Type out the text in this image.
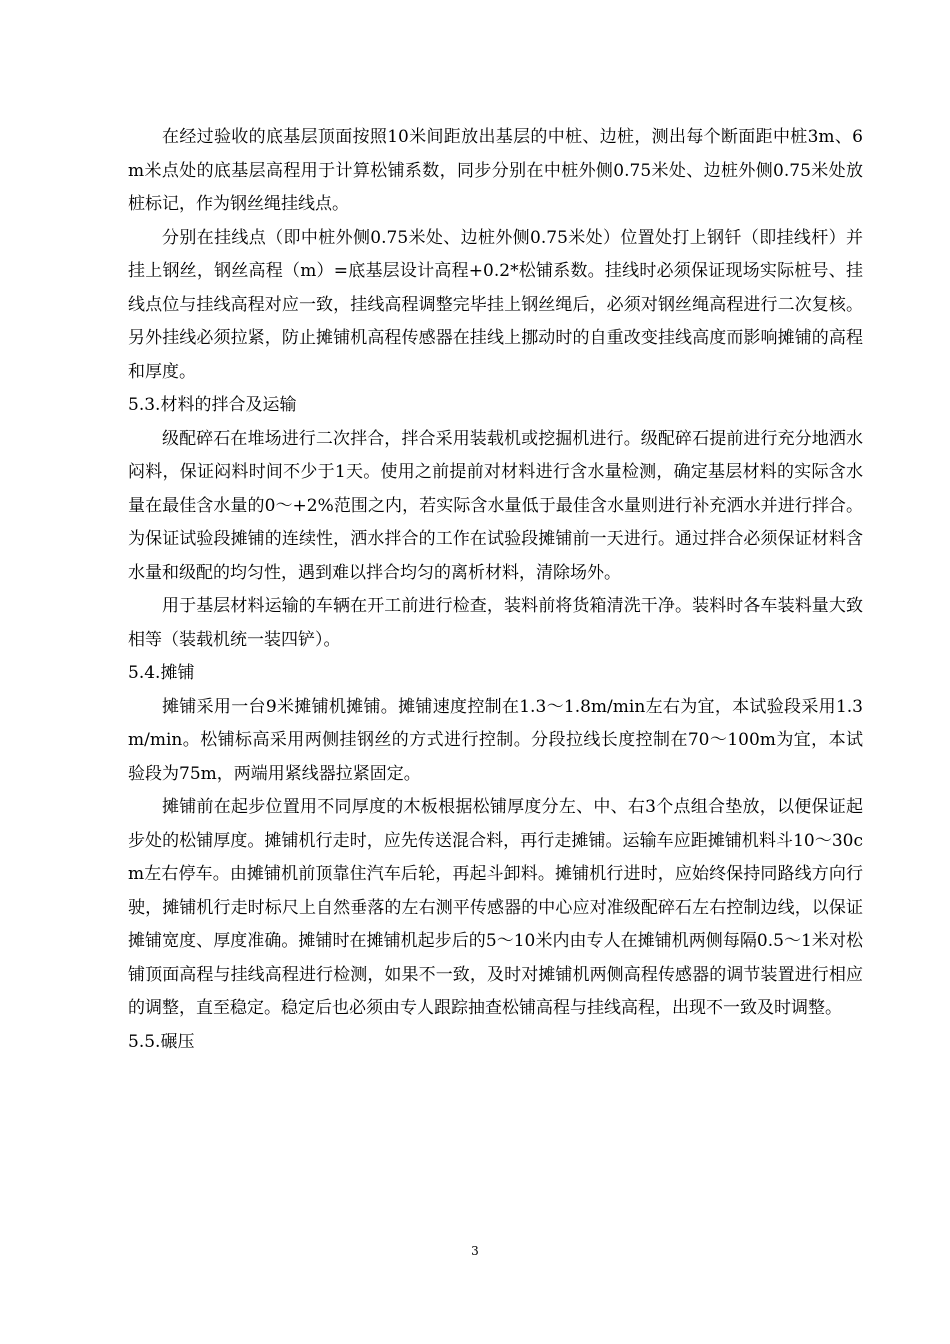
在经过验收的底基层顶面按照10米间距放出基层的中桩、边桩，测出每个断面距中桩3m、6m米点处的底基层高程用于计算松铺系数，同步分别在中桩外侧0.75米处、边桩外侧0.75米处放桩标记，作为钢丝绳挂线点。

分别在挂线点（即中桩外侧0.75米处、边桩外侧0.75米处）位置处打上钢钎（即挂线杆）并挂上钢丝，钢丝高程（m）=底基层设计高程+0.2*松铺系数。挂线时必须保证现场实际桩号、挂线点位与挂线高程对应一致，挂线高程调整完毕挂上钢丝绳后，必须对钢丝绳高程进行二次复核。另外挂线必须拉紧，防止摊铺机高程传感器在挂线上挪动时的自重改变挂线高度而影响摊铺的高程和厚度。

5.3.材料的拌合及运输

级配碎石在堆场进行二次拌合，拌合采用装载机或挖掘机进行。级配碎石提前进行充分地洒水闷料，保证闷料时间不少于1天。使用之前提前对材料进行含水量检测，确定基层材料的实际含水量在最佳含水量的0～+2%范围之内，若实际含水量低于最佳含水量则进行补充洒水并进行拌合。为保证试验段摊铺的连续性，洒水拌合的工作在试验段摊铺前一天进行。通过拌合必须保证材料含水量和级配的均匀性，遇到难以拌合均匀的离析材料，清除场外。

用于基层材料运输的车辆在开工前进行检查，装料前将货箱清洗干净。装料时各车装料量大致相等（装载机统一装四铲）。

5.4.摊铺

摊铺采用一台9米摊铺机摊铺。摊铺速度控制在1.3～1.8m/min左右为宜，本试验段采用1.3m/min。松铺标高采用两侧挂钢丝的方式进行控制。分段拉线长度控制在70～100m为宜，本试验段为75m，两端用紧线器拉紧固定。

摊铺前在起步位置用不同厚度的木板根据松铺厚度分左、中、右3个点组合垫放，以便保证起步处的松铺厚度。摊铺机行走时，应先传送混合料，再行走摊铺。运输车应距摊铺机料斗10～30cm左右停车。由摊铺机前顶靠住汽车后轮，再起斗卸料。摊铺机行进时，应始终保持同路线方向行驶，摊铺机行走时标尺上自然垂落的左右测平传感器的中心应对准级配碎石左右控制边线，以保证摊铺宽度、厚度准确。摊铺时在摊铺机起步后的5～10米内由专人在摊铺机两侧每隔0.5～1米对松铺顶面高程与挂线高程进行检测，如果不一致，及时对摊铺机两侧高程传感器的调节装置进行相应的调整，直至稳定。稳定后也必须由专人跟踪抽查松铺高程与挂线高程，出现不一致及时调整。

5.5.碾压

3
